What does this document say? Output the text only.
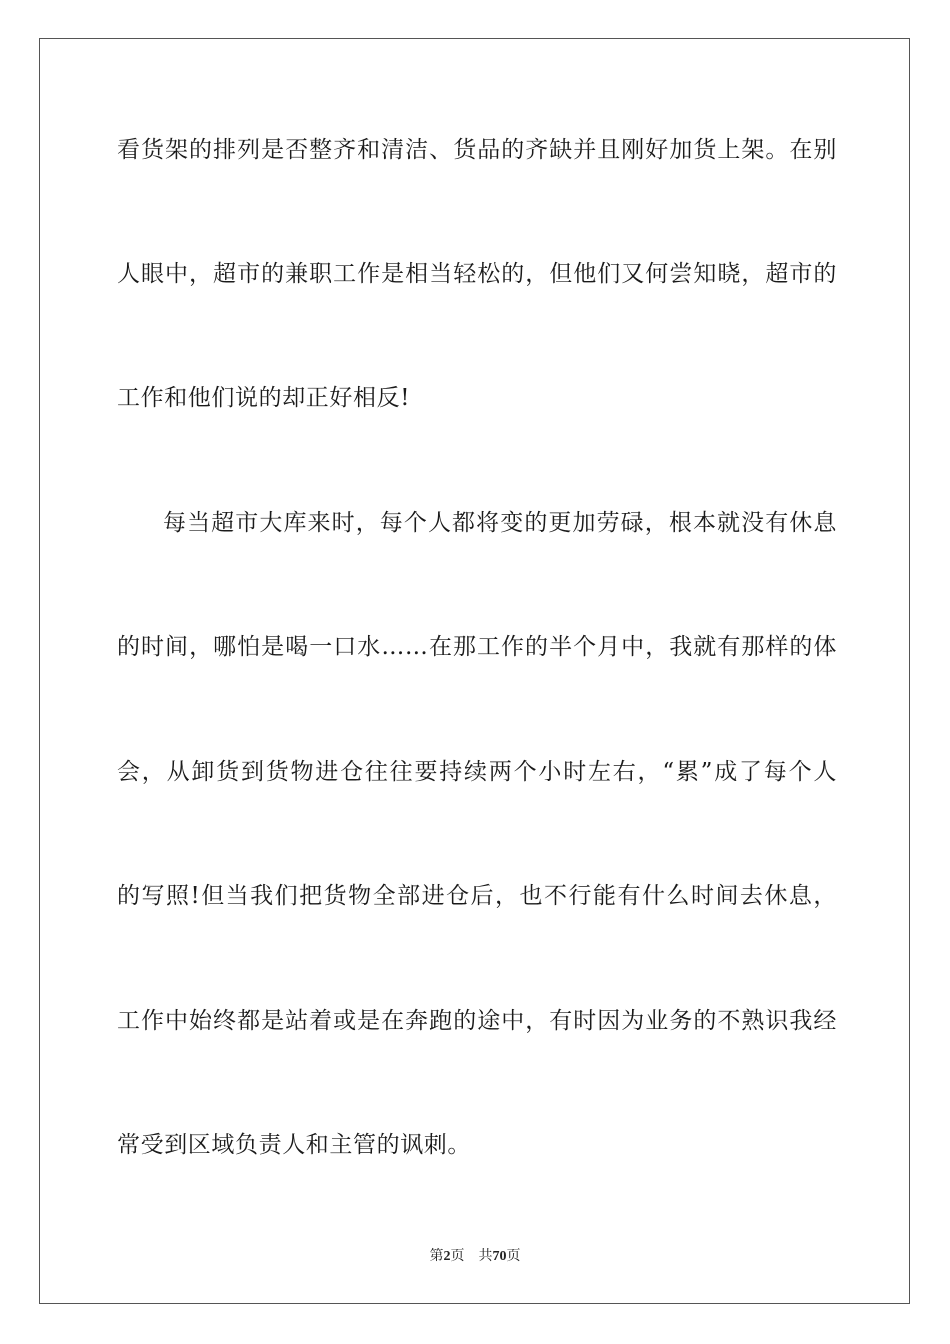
看货架的排列是否整齐和清洁、货品的齐缺并且刚好加货上架。在别
人眼中，超市的兼职工作是相当轻松的，但他们又何尝知晓，超市的
工作和他们说的却正好相反!
每当超市大库来时，每个人都将变的更加劳碌，根本就没有休息
的时间，哪怕是喝一口水……在那工作的半个月中，我就有那样的体
会，从卸货到货物进仓往往要持续两个小时左右，“累”成了每个人
的写照!但当我们把货物全部进仓后，也不行能有什么时间去休息，
工作中始终都是站着或是在奔跑的途中，有时因为业务的不熟识我经
常受到区域负责人和主管的讽刺。
第2页 共70页
